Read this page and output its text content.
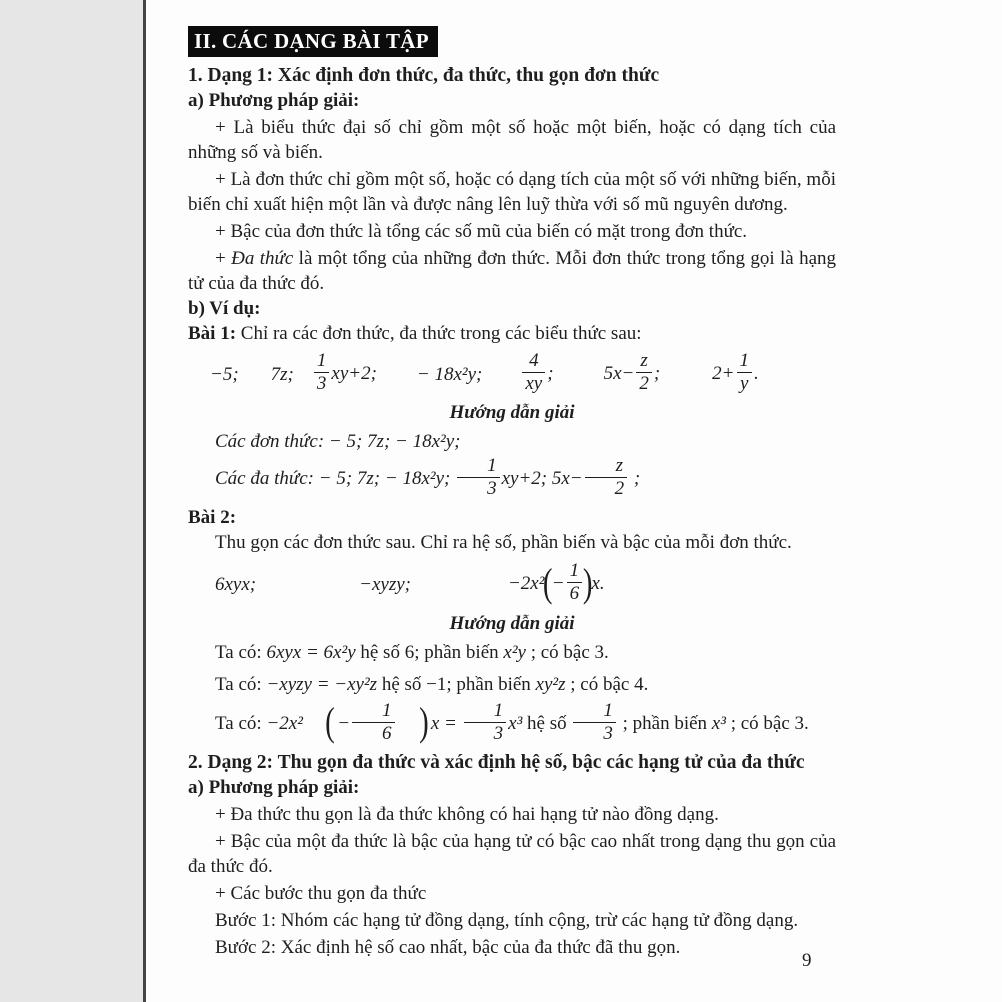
II. CÁC DẠNG BÀI TẬP

1. Dạng 1: Xác định đơn thức, đa thức, thu gọn đơn thức

a) Phương pháp giải:

+ Là biểu thức đại số chỉ gồm một số hoặc một biến, hoặc có dạng tích của những số và biến.

+ Là đơn thức chỉ gồm một số, hoặc có dạng tích của một số với những biến, mỗi biến chỉ xuất hiện một lần và được nâng lên luỹ thừa với số mũ nguyên dương.

+ Bậc của đơn thức là tổng các số mũ của biến có mặt trong đơn thức.

+ Đa thức là một tổng của những đơn thức. Mỗi đơn thức trong tổng gọi là hạng tử của đa thức đó.

b) Ví dụ:

Bài 1: Chỉ ra các đơn thức, đa thức trong các biểu thức sau:

−5; 7z; $\frac{1}{3} xy+2$; − 18x²y; $\frac{4}{xy}$ ;	$5x- \frac{z}{2}$ ;	$2+ \frac{1}{y}$ .

Hướng dẫn giải

Các đơn thức: − 5; 7z; − 18x²y;

Các đa thức: − 5; 7z; − 18x²y; $\frac{1}{3} xy+2$; $5x- \frac{z}{2}$ ;

Bài 2:

Thu gọn các đơn thức sau. Chỉ ra hệ số, phần biến và bậc của mỗi đơn thức.

6xyx;	−xyzy;	$-2x^2(- \frac{1}{6} )x$.

Hướng dẫn giải

Ta có: 6xyx = 6x²y hệ số 6; phần biến x²y ; có bậc 3.

Ta có: −xyzy = −xy²z hệ số −1; phần biến xy²z ; có bậc 4.

Ta có: −2x² ( − $\frac{1}{6}$ ) $x = \frac{1}{3} x^3$ hệ số $\frac{1}{3}$ ; phần biến x³ ; có bậc 3.

2. Dạng 2: Thu gọn đa thức và xác định hệ số, bậc các hạng tử của đa thức

a) Phương pháp giải:

+ Đa thức thu gọn là đa thức không có hai hạng tử nào đồng dạng.

+ Bậc của một đa thức là bậc của hạng tử có bậc cao nhất trong dạng thu gọn của đa thức đó.

+ Các bước thu gọn đa thức

Bước 1: Nhóm các hạng tử đồng dạng, tính cộng, trừ các hạng tử đồng dạng.

Bước 2: Xác định hệ số cao nhất, bậc của đa thức đã thu gọn.

9
